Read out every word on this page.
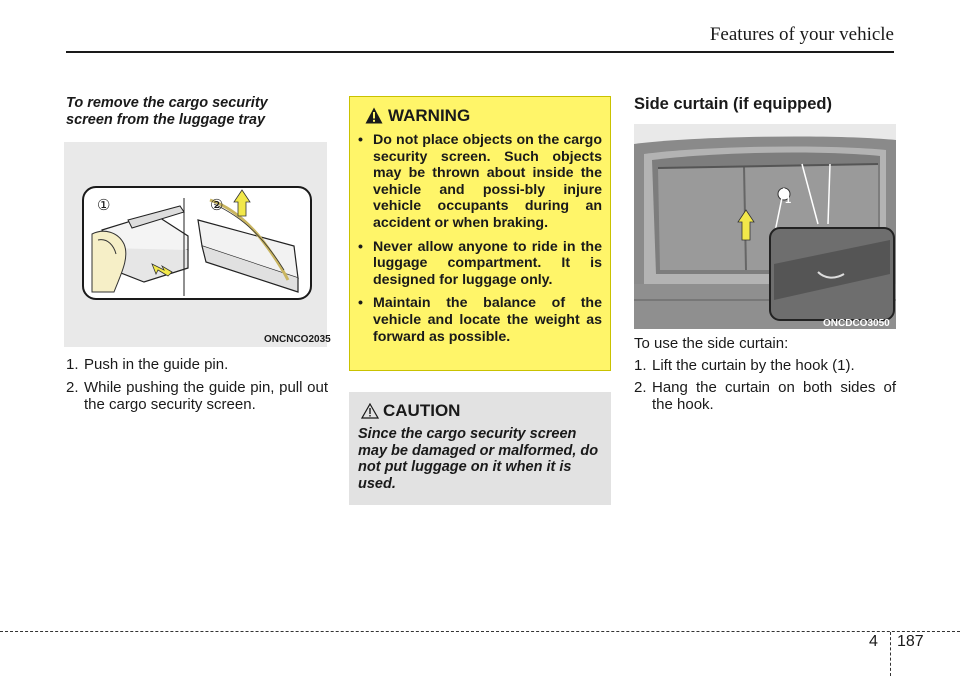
Features of your vehicle
To remove the cargo security screen from the luggage tray
①	②
ONCNCO2035
1. Push in the guide pin.
2. While pushing the guide pin, pull out the cargo security screen.
WARNING
• Do not place objects on the cargo security screen. Such objects may be thrown about inside the vehicle and possi-bly injure vehicle occupants during an accident or when braking.
• Never allow anyone to ride in the luggage compartment. It is designed for luggage only.
• Maintain the balance of the vehicle and locate the weight as forward as possible.
CAUTION
Since the cargo security screen may be damaged or malformed, do not put luggage on it when it is used.
Side curtain (if equipped)
1
ONCDCO3050
To use the side curtain:
1. Lift the curtain by the hook (1).
2. Hang the curtain on both sides of the hook.
4 187
